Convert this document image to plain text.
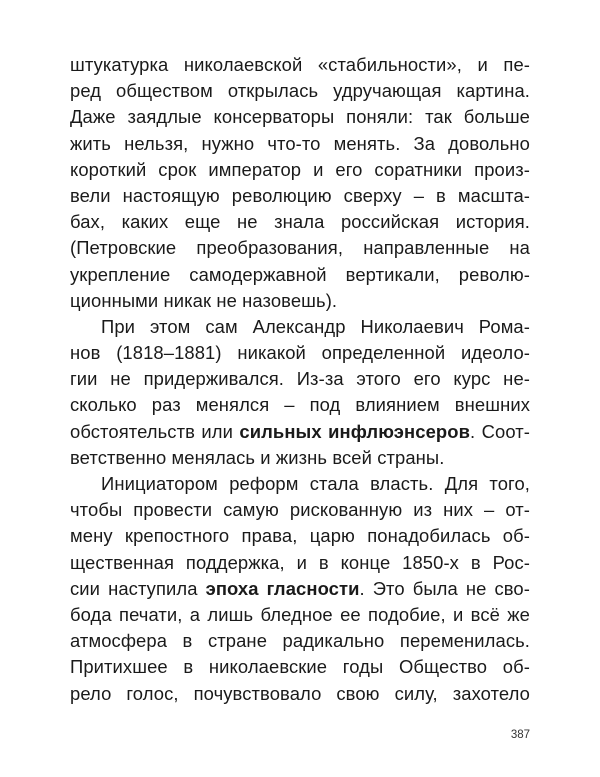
штукатурка николаевской «стабильности», и пе-
ред обществом открылась удручающая картина.
Даже заядлые консерваторы поняли: так больше
жить нельзя, нужно что-то менять. За довольно
короткий срок император и его соратники произ-
вели настоящую революцию сверху – в масшта-
бах, каких еще не знала российская история.
(Петровские преобразования, направленные на
укрепление самодержавной вертикали, револю-
ционными никак не назовешь).
При этом сам Александр Николаевич Рома-
нов (1818–1881) никакой определенной идеоло-
гии не придерживался. Из-за этого его курс не-
сколько раз менялся – под влиянием внешних
обстоятельств или сильных инфлюэнсеров. Соот-
ветственно менялась и жизнь всей страны.
Инициатором реформ стала власть. Для того,
чтобы провести самую рискованную из них – от-
мену крепостного права, царю понадобилась об-
щественная поддержка, и в конце 1850-х в Рос-
сии наступила эпоха гласности. Это была не сво-
бода печати, а лишь бледное ее подобие, и всё же
атмосфера в стране радикально переменилась.
Притихшее в николаевские годы Общество об-
рело голос, почувствовало свою силу, захотело
387
